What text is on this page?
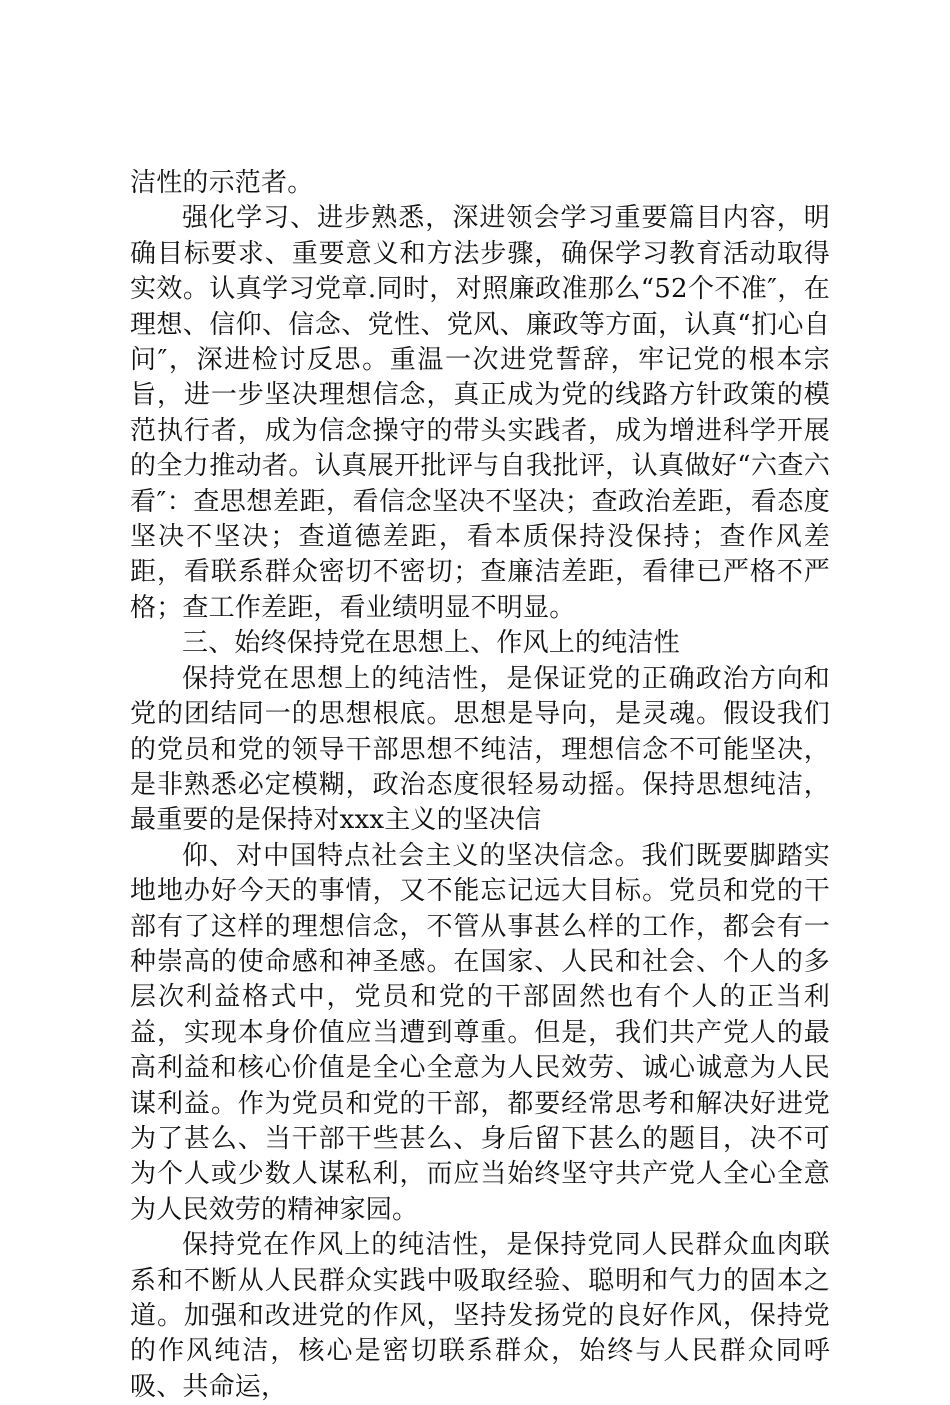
洁性的示范者。

强化学习、进步熟悉，深进领会学习重要篇目内容，明确目标要求、重要意义和方法步骤，确保学习教育活动取得实效。认真学习党章.同时，对照廉政准那么“52个不准″，在理想、信仰、信念、党性、党风、廉政等方面，认真“扪心自问″，深进检讨反思。重温一次进党誓辞，牢记党的根本宗旨，进一步坚决理想信念，真正成为党的线路方针政策的模范执行者，成为信念操守的带头实践者，成为增进科学开展的全力推动者。认真展开批评与自我批评，认真做好“六查六看″：查思想差距，看信念坚决不坚决；查政治差距，看态度坚决不坚决；查道德差距，看本质保持没保持；查作风差距，看联系群众密切不密切；查廉洁差距，看律已严格不严格；查工作差距，看业绩明显不明显。

三、始终保持党在思想上、作风上的纯洁性

保持党在思想上的纯洁性，是保证党的正确政治方向和党的团结同一的思想根底。思想是导向，是灵魂。假设我们的党员和党的领导干部思想不纯洁，理想信念不可能坚决，是非熟悉必定模糊，政治态度很轻易动摇。保持思想纯洁，最重要的是保持对xxx主义的坚决信

仰、对中国特点社会主义的坚决信念。我们既要脚踏实地地办好今天的事情，又不能忘记远大目标。党员和党的干部有了这样的理想信念，不管从事甚么样的工作，都会有一种崇高的使命感和神圣感。在国家、人民和社会、个人的多层次利益格式中，党员和党的干部固然也有个人的正当利益，实现本身价值应当遭到尊重。但是，我们共产党人的最高利益和核心价值是全心全意为人民效劳、诚心诚意为人民谋利益。作为党员和党的干部，都要经常思考和解决好进党为了甚么、当干部干些甚么、身后留下甚么的题目，决不可为个人或少数人谋私利，而应当始终坚守共产党人全心全意为人民效劳的精神家园。

保持党在作风上的纯洁性，是保持党同人民群众血肉联系和不断从人民群众实践中吸取经验、聪明和气力的固本之道。加强和改进党的作风，坚持发扬党的良好作风，保持党的作风纯洁，核心是密切联系群众，始终与人民群众同呼吸、共命运，
